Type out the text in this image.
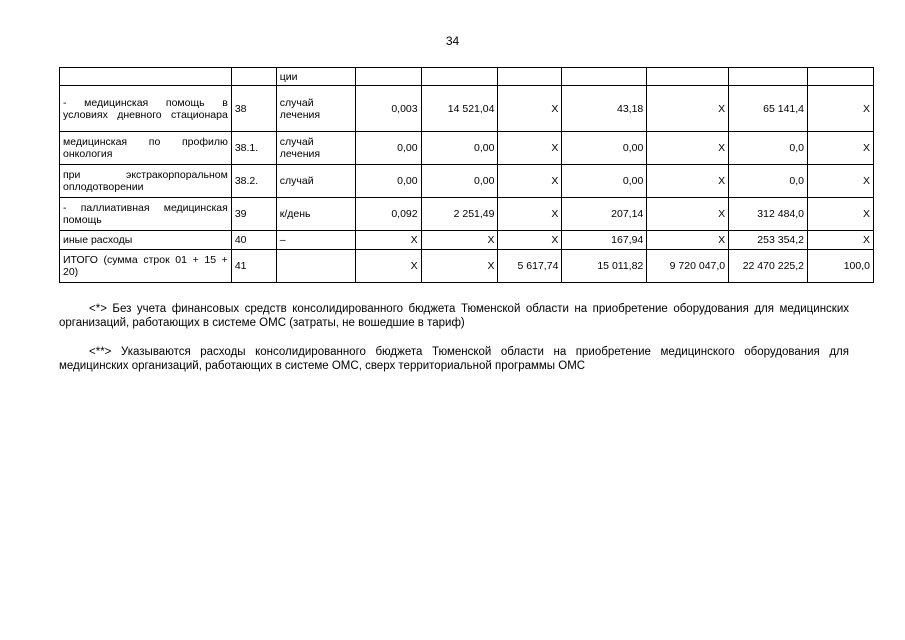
34
		ции							
- медицинская помощь в условиях дневного стационара	38	случай лечения	0,003	14 521,04	Х	43,18	Х	65 141,4	Х
медицинская по профилю онкология	38.1.	случай лечения	0,00	0,00	Х	0,00	Х	0,0	Х
при экстракорпоральном оплодотворении	38.2.	случай	0,00	0,00	Х	0,00	Х	0,0	Х
- паллиативная медицинская помощь	39	к/день	0,092	2 251,49	Х	207,14	Х	312 484,0	Х
иные расходы	40	–	Х	Х	Х	167,94	Х	253 354,2	Х
ИТОГО (сумма строк 01 + 15 + 20)	41		Х	Х	5 617,74	15 011,82	9 720 047,0	22 470 225,2	100,0

<*> Без учета финансовых средств консолидированного бюджета Тюменской области на приобретение оборудования для медицинских организаций, работающих в системе ОМС (затраты, не вошедшие в тариф)

<**> Указываются расходы консолидированного бюджета Тюменской области на приобретение медицинского оборудования для медицинских организаций, работающих в системе ОМС, сверх территориальной программы ОМС
